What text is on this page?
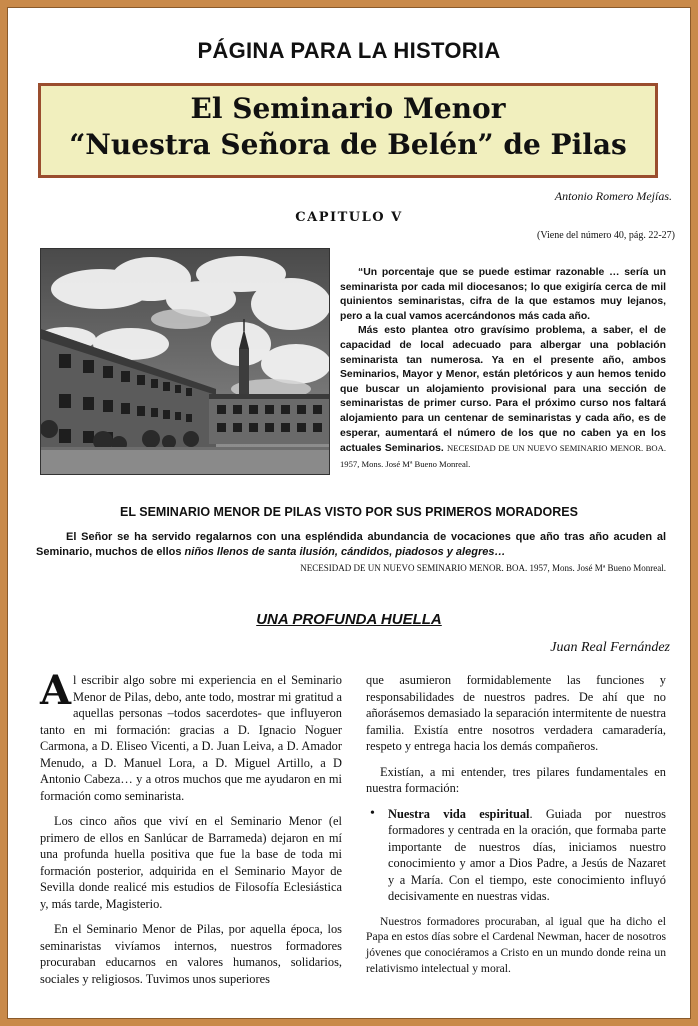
PÁGINA PARA LA HISTORIA
El Seminario Menor
“Nuestra Señora de Belén” de Pilas
Antonio Romero Mejías.
CAPITULO V
(Viene del número 40, pág. 22-27)

“Un porcentaje que se puede estimar razonable … sería un seminarista por cada mil diocesanos; lo que exigiría cerca de mil quinientos seminaristas, cifra de la que estamos muy lejanos, pero a la cual vamos acercándonos más cada año.

Más esto plantea otro gravísimo problema, a saber, el de capacidad de local adecuado para albergar una población seminarista tan numerosa. Ya en el presente año, ambos Seminarios, Mayor y Menor, están pletóricos y aun hemos tenido que buscar un alojamiento provisional para una sección de seminaristas de primer curso. Para el próximo curso nos faltará alojamiento para un centenar de seminaristas y cada año, es de esperar, aumentará el número de los que no caben ya en los actuales Seminarios. NECESIDAD DE UN NUEVO SEMINARIO MENOR. BOA. 1957, Mons. José Mª Bueno Monreal.

EL SEMINARIO MENOR DE PILAS VISTO POR SUS PRIMEROS MORADORES

El Señor se ha servido regalarnos con una espléndida abundancia de vocaciones que año tras año acuden al Seminario, muchos de ellos niños llenos de santa ilusión, cándidos, piadosos y alegres…

NECESIDAD DE UN NUEVO SEMINARIO MENOR. BOA. 1957, Mons. José Mª Bueno Monreal.
UNA PROFUNDA HUELLA
Juan Real Fernández

Al escribir algo sobre mi experiencia en el Seminario Menor de Pilas, debo, ante todo, mostrar mi gratitud a aquellas personas –todos sacerdotes- que influyeron tanto en mi formación: gracias a D. Ignacio Noguer Carmona, a D. Eliseo Vicenti, a D. Juan Leiva, a D. Amador Menudo, a D. Manuel Lora, a D. Miguel Artillo, a D Antonio Cabeza… y a otros muchos que me ayudaron en mi formación como seminarista.

Los cinco años que viví en el Seminario Menor (el primero de ellos en Sanlúcar de Barrameda) dejaron en mí una profunda huella positiva que fue la base de toda mi formación posterior, adquirida en el Seminario Mayor de Sevilla donde realicé mis estudios de Filosofía Eclesiástica y, más tarde, Magisterio.

En el Seminario Menor de Pilas, por aquella época, los seminaristas vivíamos internos, nuestros formadores procuraban educarnos en valores humanos, solidarios, sociales y religiosos. Tuvimos unos superiores

que asumieron formidablemente las funciones y responsabilidades de nuestros padres. De ahí que no añorásemos demasiado la separación intermitente de nuestra familia. Existía entre nosotros verdadera camaradería, respeto y entrega hacia los demás compañeros.

Existían, a mi entender, tres pilares fundamentales en nuestra formación:

• Nuestra vida espiritual. Guiada por nuestros formadores y centrada en la oración, que formaba parte importante de nuestros días, iniciamos nuestro conocimiento y amor a Dios Padre, a Jesús de Nazaret y a María. Con el tiempo, este conocimiento influyó decisivamente en nuestras vidas.

Nuestros formadores procuraban, al igual que ha dicho el Papa en estos días sobre el Cardenal Newman, hacer de nosotros jóvenes que conociéramos a Cristo en un mundo donde reina un relativismo intelectual y moral.
